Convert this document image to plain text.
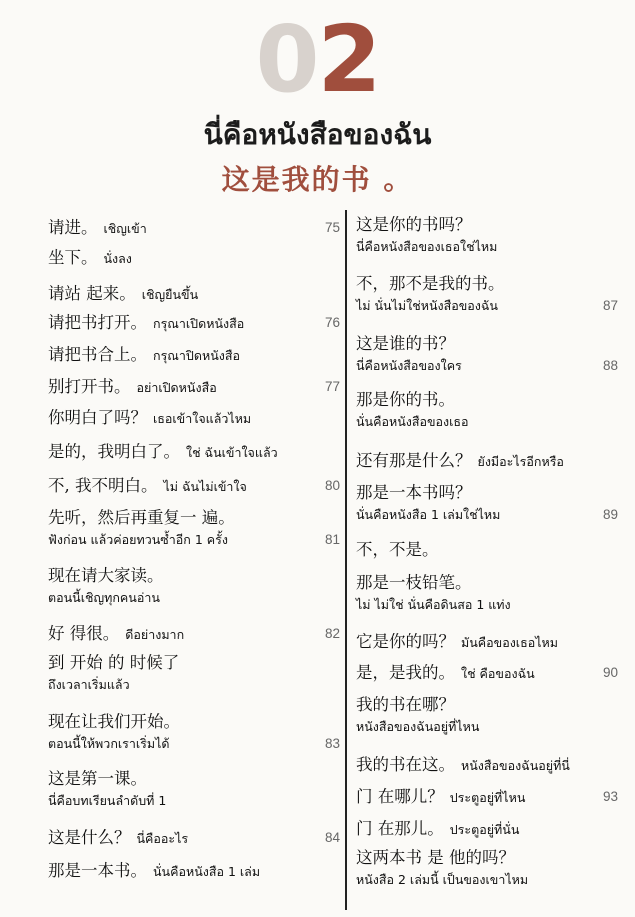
02
นี่คือหนังสือของฉัน
这是我的书 。
请进。 เชิญเข้า	75
坐下。 นั่งลง
请站 起来。 เชิญยืนขึ้น
请把书打开。 กรุณาเปิดหนังสือ	76
请把书合上。 กรุณาปิดหนังสือ
别打开书。 อย่าเปิดหนังสือ	77
你明白了吗？ เธอเข้าใจแล้วไหม
是的，我明白了。 ใช่ ฉันเข้าใจแล้ว
不, 我不明白。 ไม่ ฉันไม่เข้าใจ	80
先听，然后再重复一 遍。
ฟังก่อน แล้วค่อยทวนซ้ำอีก 1 ครั้ง	81
现在请大家读。
ตอนนี้เชิญทุกคนอ่าน
好 得很。 ดีอย่างมาก	82
到 开始 的 时候了
ถึงเวลาเริ่มแล้ว
现在让我们开始。
ตอนนี้ให้พวกเราเริ่มได้	83
这是第一课。
นี่คือบทเรียนลำดับที่ 1
这是什么？ นี่คืออะไร	84
那是一本书。 นั่นคือหนังสือ 1 เล่ม
这是你的书吗？
นี่คือหนังสือของเธอใช่ไหม
不，那不是我的书。
ไม่ นั่นไม่ใช่หนังสือของฉัน	87
这是谁的书？
นี่คือหนังสือของใคร	88
那是你的书。
นั่นคือหนังสือของเธอ
还有那是什么？ ยังมีอะไรอีกหรือ
那是一本书吗？
นั่นคือหนังสือ 1 เล่มใช่ไหม	89
不，不是。
那是一枝铅笔。
ไม่ ไม่ใช่ นั่นคือดินสอ 1 แท่ง
它是你的吗？ มันคือของเธอไหม
是，是我的。 ใช่ คือของฉัน	90
我的书在哪？
หนังสือของฉันอยู่ที่ไหน
我的书在这。 หนังสือของฉันอยู่ที่นี่
门 在哪儿？ ประตูอยู่ที่ไหน	93
门 在那儿。 ประตูอยู่ที่นั่น
这两本书 是 他的吗？
หนังสือ 2 เล่มนี้ เป็นของเขาไหม
